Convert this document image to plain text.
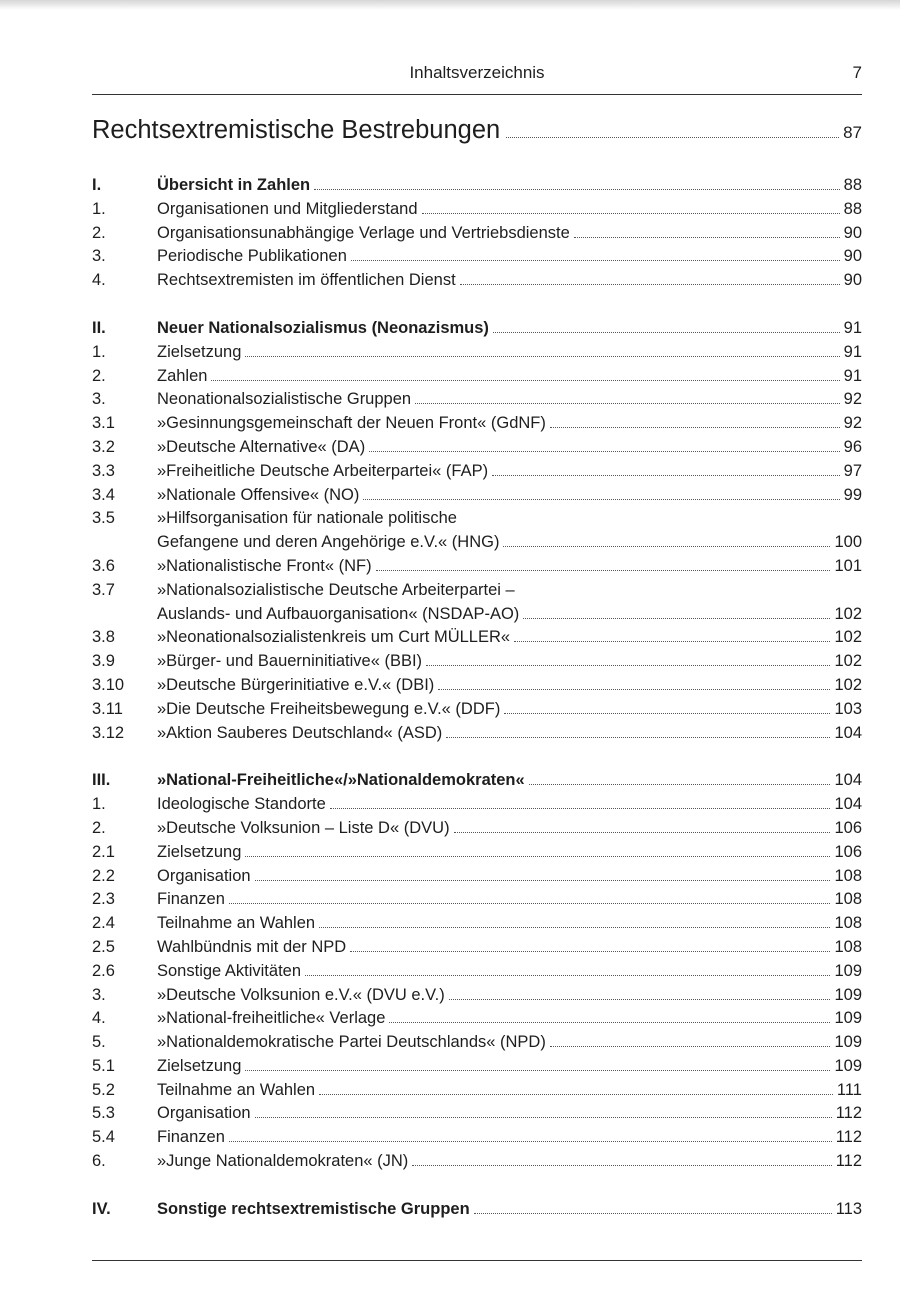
Inhaltsverzeichnis	7
Rechtsextremistische Bestrebungen	87
I.	Übersicht in Zahlen	88
1.	Organisationen und Mitgliederstand	88
2.	Organisationsunabhängige Verlage und Vertriebsdienste	90
3.	Periodische Publikationen	90
4.	Rechtsextremisten im öffentlichen Dienst	90
II.	Neuer Nationalsozialismus (Neonazismus)	91
1.	Zielsetzung	91
2.	Zahlen	91
3.	Neonationalsozialistische Gruppen	92
3.1	»Gesinnungsgemeinschaft der Neuen Front« (GdNF)	92
3.2	»Deutsche Alternative« (DA)	96
3.3	»Freiheitliche Deutsche Arbeiterpartei« (FAP)	97
3.4	»Nationale Offensive« (NO)	99
3.5	»Hilfsorganisation für nationale politische
Gefangene und deren Angehörige e.V.« (HNG)	100
3.6	»Nationalistische Front« (NF)	101
3.7	»Nationalsozialistische Deutsche Arbeiterpartei –
Auslands- und Aufbauorganisation« (NSDAP-AO)	102
3.8	»Neonationalsozialistenkreis um Curt MÜLLER«	102
3.9	»Bürger- und Bauerninitiative« (BBI)	102
3.10	»Deutsche Bürgerinitiative e.V.« (DBI)	102
3.11	»Die Deutsche Freiheitsbewegung e.V.« (DDF)	103
3.12	»Aktion Sauberes Deutschland« (ASD)	104
III.	»National-Freiheitliche«/»Nationaldemokraten«	104
1.	Ideologische Standorte	104
2.	»Deutsche Volksunion – Liste D« (DVU)	106
2.1	Zielsetzung	106
2.2	Organisation	108
2.3	Finanzen	108
2.4	Teilnahme an Wahlen	108
2.5	Wahlbündnis mit der NPD	108
2.6	Sonstige Aktivitäten	109
3.	»Deutsche Volksunion e.V.« (DVU e.V.)	109
4.	»National-freiheitliche« Verlage	109
5.	»Nationaldemokratische Partei Deutschlands« (NPD)	109
5.1	Zielsetzung	109
5.2	Teilnahme an Wahlen	111
5.3	Organisation	112
5.4	Finanzen	112
6.	»Junge Nationaldemokraten« (JN)	112
IV.	Sonstige rechtsextremistische Gruppen	113
